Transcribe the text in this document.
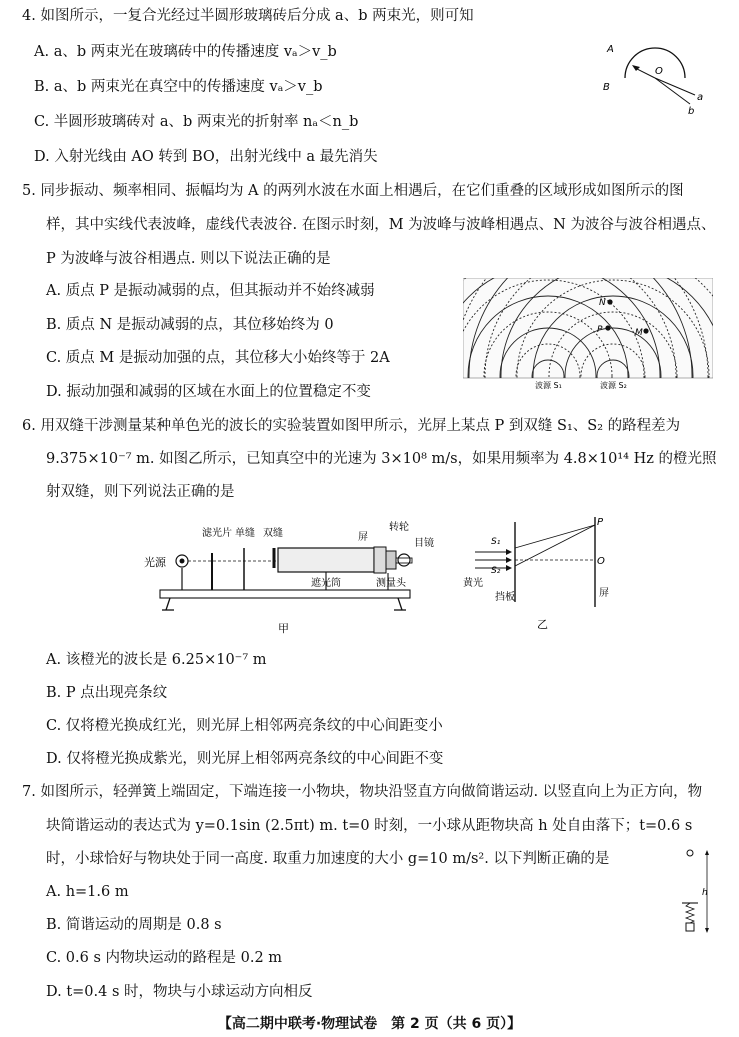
4. 如图所示，一复合光经过半圆形玻璃砖后分成 a、b 两束光，则可知
A. a、b 两束光在玻璃砖中的传播速度 vₐ＞v_b
B. a、b 两束光在真空中的传播速度 vₐ＞v_b
C. 半圆形玻璃砖对 a、b 两束光的折射率 nₐ＜n_b
D. 入射光线由 AO 转到 BO，出射光线中 a 最先消失
A
B
O
a
b
5. 同步振动、频率相同、振幅均为 A 的两列水波在水面上相遇后，在它们重叠的区域形成如图所示的图
样，其中实线代表波峰，虚线代表波谷. 在图示时刻，M 为波峰与波峰相遇点、N 为波谷与波谷相遇点、
P 为波峰与波谷相遇点. 则以下说法正确的是
A. 质点 P 是振动减弱的点，但其振动并不始终减弱
B. 质点 N 是振动减弱的点，其位移始终为 0
C. 质点 M 是振动加强的点，其位移大小始终等于 2A
D. 振动加强和减弱的区域在水面上的位置稳定不变
N
P	M
波源 S₁	波源 S₂
6. 用双缝干涉测量某种单色光的波长的实验装置如图甲所示，光屏上某点 P 到双缝 S₁、S₂ 的路程差为
9.375×10⁻⁷ m. 如图乙所示，已知真空中的光速为 3×10⁸ m/s，如果用频率为 4.8×10¹⁴ Hz 的橙光照
射双缝，则下列说法正确的是
光源
滤光片 单缝 双缝	屏
转轮
目镜
遮光筒	测量头
甲
S₁
S₂
P
O
黄光
挡板	屏
乙
A. 该橙光的波长是 6.25×10⁻⁷ m
B. P 点出现亮条纹
C. 仅将橙光换成红光，则光屏上相邻两亮条纹的中心间距变小
D. 仅将橙光换成紫光，则光屏上相邻两亮条纹的中心间距不变
7. 如图所示，轻弹簧上端固定，下端连接一小物块，物块沿竖直方向做简谐运动. 以竖直向上为正方向，物
块简谐运动的表达式为 y=0.1sin (2.5πt) m. t=0 时刻，一小球从距物块高 h 处自由落下；t=0.6 s
时，小球恰好与物块处于同一高度. 取重力加速度的大小 g=10 m/s². 以下判断正确的是
A. h=1.6 m
B. 简谐运动的周期是 0.8 s
C. 0.6 s 内物块运动的路程是 0.2 m
D. t=0.4 s 时，物块与小球运动方向相反
h
【高二期中联考·物理试卷　第 2 页（共 6 页）】
